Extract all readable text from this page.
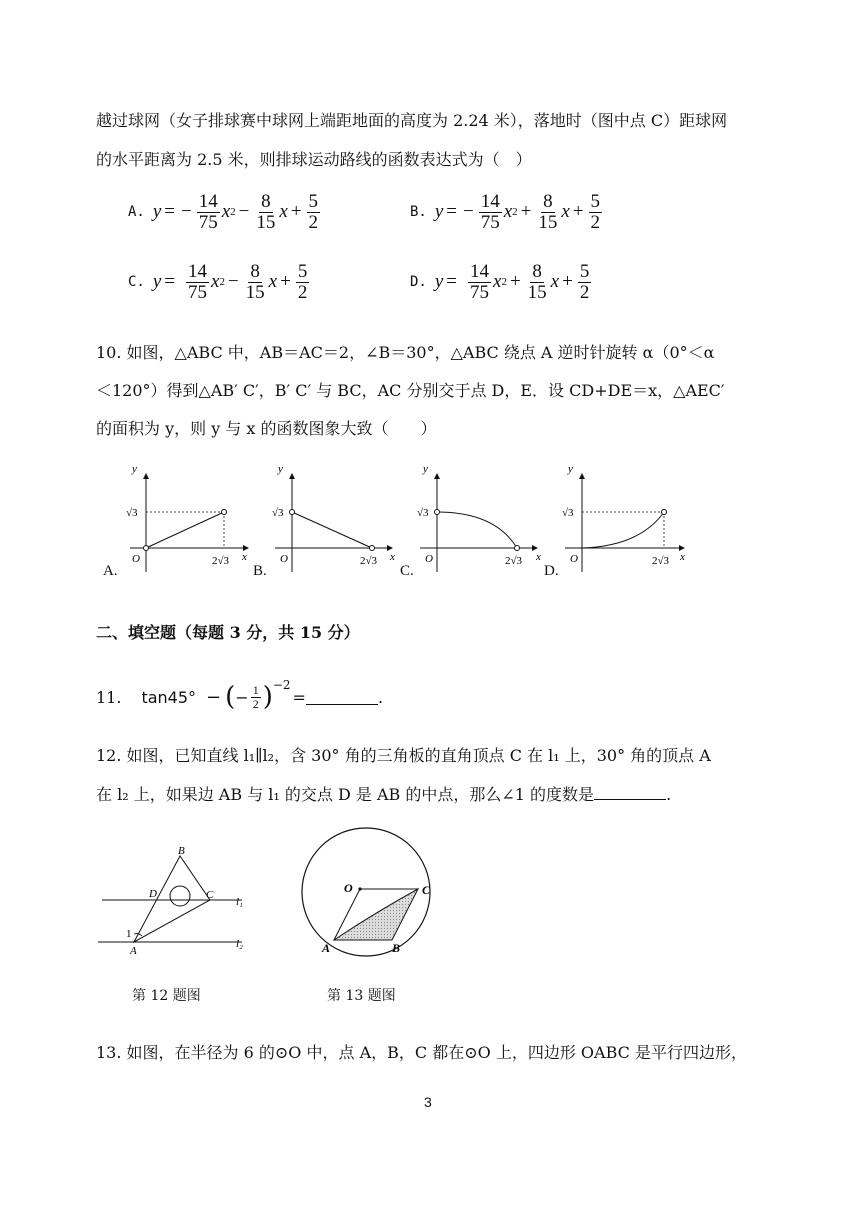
越过球网（女子排球赛中球网上端距地面的高度为 2.24 米），落地时（图中点 C）距球网
的水平距离为 2.5 米，则排球运动路线的函数表达式为（　）
A. y = − $\frac{14}{75}$ x $2 - \frac{8}{15}$ $x + \frac{5}{2}$	B. y = − $\frac{14}{75}$ x $2 + \frac{8}{15}$ $x + \frac{5}{2}$
C. $y = \frac{14}{75}$ x $2 - \frac{8}{15}$ $x + \frac{5}{2}$	D. $y = \frac{14}{75}$ x $2 + \frac{8}{15}$ $x + \frac{5}{2}$
10. 如图，△ABC 中，AB＝AC＝2，∠B＝30°，△ABC 绕点 A 逆时针旋转 α（0°＜α
＜120°）得到△AB′ C′，B′ C′ 与 BC，AC 分别交于点 D，E．设 CD+DE＝x，△AEC′
的面积为 y，则 y 与 x 的函数图象大致（　　）
y
x
O
√3
2√3
y
x
O
√3
2√3
y
x
O
√3
2√3
y
x
O
√3
2√3
A.	B.	C.	D.
二、填空题（每题 3 分，共 15 分）
11. tan45° − ( − $\frac{1}{2}$ ) −2
=	.
12. 如图，已知直线 l₁∥l₂，含 30° 角的三角板的直角顶点 C 在 l₁ 上，30° 角的顶点 A
在 l₂ 上，如果边 AB 与 l₁ 的交点 D 是 AB 的中点，那么∠1 的度数是	.
B
D	C
A
1
l₁
l₂
第 12 题图
O	C
A	B
第 13 题图
13. 如图，在半径为 6 的⊙O 中，点 A，B，C 都在⊙O 上，四边形 OABC 是平行四边形，
3
